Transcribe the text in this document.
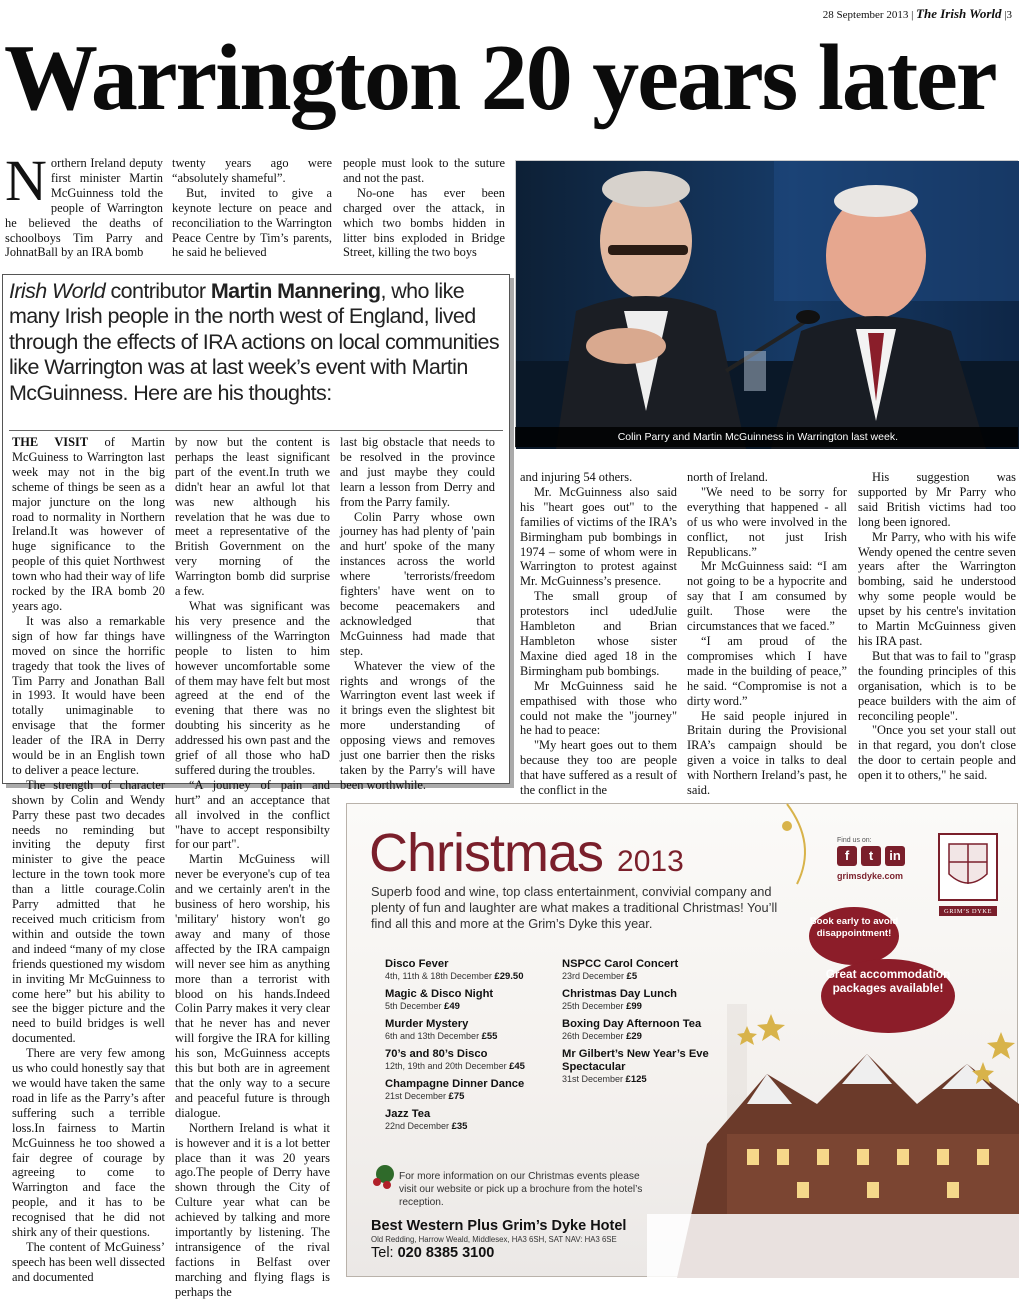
28 September 2013 | The Irish World |3
Warrington 20 years later

Northern Ireland deputy first minister Martin McGuinness told the people of Warrington he believed the deaths of schoolboys Tim Parry and JohnatBall by an IRA bomb

twenty years ago were “absolutely shameful”.

But, invited to give a keynote lecture on peace and reconciliation to the Warrington Peace Centre by Tim’s parents, he said he believed

people must look to the suture and not the past.

No-one has ever been charged over the attack, in which two bombs hidden in litter bins exploded in Bridge Street, killing the two boys

Colin Parry and Martin McGuinness in Warrington last week.
Irish World contributor Martin Mannering, who like many Irish people in the north west of England, lived through the effects of IRA actions on local communities like Warrington was at last week’s event with Martin McGuinness. Here are his thoughts:

THE VISIT of Martin McGuiness to Warrington last week may not in the big scheme of things be seen as a major juncture on the long road to normality in Northern Ireland.It was however of huge significance to the people of this quiet Northwest town who had their way of life rocked by the IRA bomb 20 years ago.

It was also a remarkable sign of how far things have moved on since the horrific tragedy that took the lives of Tim Parry and Jonathan Ball in 1993. It would have been totally unimaginable to envisage that the former leader of the IRA in Derry would be in an English town to deliver a peace lecture.

The strength of character shown by Colin and Wendy Parry these past two decades needs no reminding but inviting the deputy first minister to give the peace lecture in the town took more than a little courage.Colin Parry admitted that he received much criticism from within and outside the town and indeed “many of my close friends questioned my wisdom in inviting Mr McGuinness to come here” but his ability to see the bigger picture and the need to build bridges is well documented.

There are very few among us who could honestly say that we would have taken the same road in life as the Parry’s after suffering such a terrible loss.In fairness to Martin McGuinness he too showed a fair degree of courage by agreeing to come to Warrington and face the people, and it has to be recognised that he did not shirk any of their questions.

The content of McGuiness’ speech has been well dissected and documented

by now but the content is perhaps the least significant part of the event.In truth we didn't hear an awful lot that was new although his revelation that he was due to meet a representative of the British Government on the very morning of the Warrington bomb did surprise a few.

What was significant was his very presence and the willingness of the Warrington people to listen to him however uncomfortable some of them may have felt but most agreed at the end of the evening that there was no doubting his sincerity as he addressed his own past and the grief of all those who haD suffered during the troubles.

“A journey of pain and hurt” and an acceptance that all involved in the conflict "have to accept responsibilty for our part".

Martin McGuiness will never be everyone's cup of tea and we certainly aren't in the business of hero worship, his 'military' history won't go away and many of those affected by the IRA campaign will never see him as anything more than a terrorist with blood on his hands.Indeed Colin Parry makes it very clear that he never has and never will forgive the IRA for killing his son, McGuinness accepts this but both are in agreement that the only way to a secure and peaceful future is through dialogue.

Northern Ireland is what it is however and it is a lot better place than it was 20 years ago.The people of Derry have shown through the City of Culture year what can be achieved by talking and more importantly by listening. The intransigence of the rival factions in Belfast over marching and flying flags is perhaps the

last big obstacle that needs to be resolved in the province and just maybe they could learn a lesson from Derry and from the Parry family.

Colin Parry whose own journey has had plenty of 'pain and hurt' spoke of the many instances across the world where 'terrorists/freedom fighters' have went on to become peacemakers and acknowledged that McGuinness had made that step.

Whatever the view of the rights and wrongs of the Warrington event last week if it brings even the slightest bit more understanding of opposing views and removes just one barrier then the risks taken by the Parry's will have been worthwhile.

and injuring 54 others.

Mr. McGuinness also said his "heart goes out" to the families of victims of the IRA’s Birmingham pub bombings in 1974 – some of whom were in Warrington to protest against Mr. McGuinness’s presence.

The small group of protestors incl udedJulie Hambleton and Brian Hambleton whose sister Maxine died aged 18 in the Birmingham pub bombings.

Mr McGuinness said he empathised with those who could not make the "journey" he had to peace:

"My heart goes out to them because they too are people that have suffered as a result of the conflict in the

north of Ireland.

"We need to be sorry for everything that happened - all of us who were involved in the conflict, not just Irish Republicans.”

Mr McGuinness said: “I am not going to be a hypocrite and say that I am consumed by guilt. Those were the circumstances that we faced.”

“I am proud of the compromises which I have made in the building of peace,” he said. “Compromise is not a dirty word.”

He said people injured in Britain during the Provisional IRA’s campaign should be given a voice in talks to deal with Northern Ireland’s past, he said.

His suggestion was supported by Mr Parry who said British victims had too long been ignored.

Mr Parry, who with his wife Wendy opened the centre seven years after the Warrington bombing, said he understood why some people would be upset by his centre's invitation to Martin McGuinness given his IRA past.

But that was to fail to "grasp the founding principles of this organisation, which is to be peace builders with the aim of reconciling people".

"Once you set your stall out in that regard, you don't close the door to certain people and open it to others," he said.

Christmas 2013
Superb food and wine, top class entertainment, convivial company and plenty of fun and laughter are what makes a traditional Christmas! You’ll find all this and more at the Grim’s Dyke this year.
Find us on:
f	t	in
grimsdyke.com
GRIM’S DYKE
Book early to avoid disappointment!
Great accommodation packages available!
Disco Fever
4th, 11th & 18th December £29.50
Magic & Disco Night
5th December £49
Murder Mystery
6th and 13th December £55
70’s and 80’s Disco
12th, 19th and 20th December £45
Champagne Dinner Dance
21st December £75
Jazz Tea
22nd December £35
NSPCC Carol Concert
23rd December £5
Christmas Day Lunch
25th December £99
Boxing Day Afternoon Tea
26th December £29
Mr Gilbert’s New Year’s Eve Spectacular
31st December £125
For more information on our Christmas events please visit our website or pick up a brochure from the hotel’s reception.
Best Western Plus Grim’s Dyke Hotel
Old Redding, Harrow Weald, Middlesex, HA3 6SH, SAT NAV: HA3 6SE
Tel: 020 8385 3100
